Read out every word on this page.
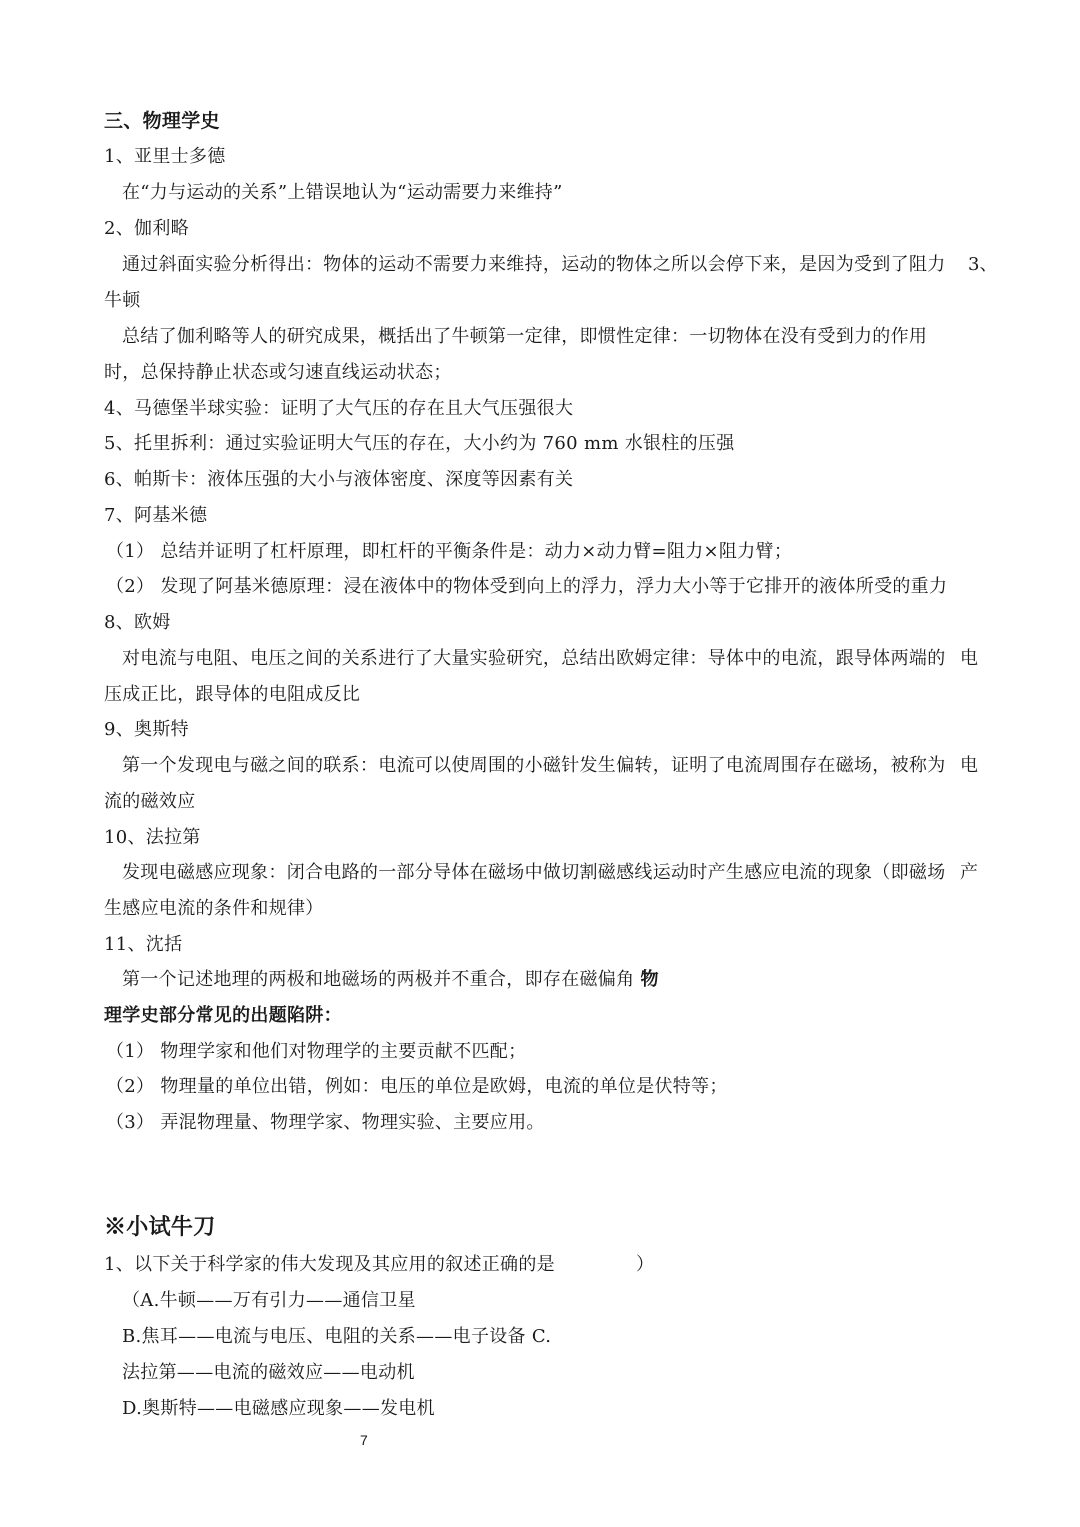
三、物理学史
1、亚里士多德
在“力与运动的关系”上错误地认为“运动需要力来维持”
2、伽利略
通过斜面实验分析得出：物体的运动不需要力来维持，运动的物体之所以会停下来，是因为受到了阻力 3、
牛顿
总结了伽利略等人的研究成果，概括出了牛顿第一定律，即惯性定律：一切物体在没有受到力的作用
时，总保持静止状态或匀速直线运动状态；
4、马德堡半球实验：证明了大气压的存在且大气压强很大
5、托里拆利：通过实验证明大气压的存在，大小约为 760 mm 水银柱的压强
6、帕斯卡：液体压强的大小与液体密度、深度等因素有关
7、阿基米德
（1） 总结并证明了杠杆原理，即杠杆的平衡条件是：动力×动力臂=阻力×阻力臂；
（2） 发现了阿基米德原理：浸在液体中的物体受到向上的浮力，浮力大小等于它排开的液体所受的重力
8、欧姆
对电流与电阻、电压之间的关系进行了大量实验研究，总结出欧姆定律：导体中的电流，跟导体两端的 电
压成正比，跟导体的电阻成反比
9、奥斯特
第一个发现电与磁之间的联系：电流可以使周围的小磁针发生偏转，证明了电流周围存在磁场，被称为 电
流的磁效应
10、法拉第
发现电磁感应现象：闭合电路的一部分导体在磁场中做切割磁感线运动时产生感应电流的现象（即磁场 产
生感应电流的条件和规律）
11、沈括
第一个记述地理的两极和地磁场的两极并不重合，即存在磁偏角 物
理学史部分常见的出题陷阱：
（1） 物理学家和他们对物理学的主要贡献不匹配；
（2） 物理量的单位出错，例如：电压的单位是欧姆，电流的单位是伏特等；
（3） 弄混物理量、物理学家、物理实验、主要应用。
※小试牛刀
1、以下关于科学家的伟大发现及其应用的叙述正确的是	）
（A.牛顿——万有引力——通信卫星
B.焦耳——电流与电压、电阻的关系——电子设备 C.
法拉第——电流的磁效应——电动机
D.奥斯特——电磁感应现象——发电机
7
